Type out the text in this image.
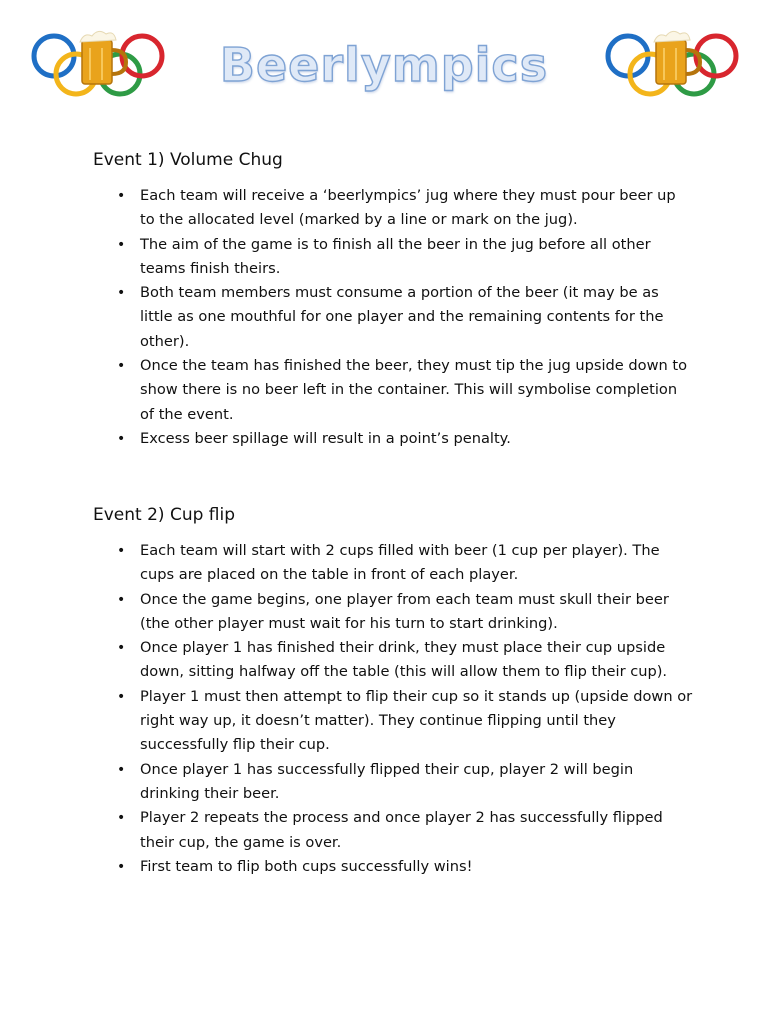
Beerlympics
Event 1) Volume Chug
• Each team will receive a ‘beerlympics’ jug where they must pour beer up to the allocated level (marked by a line or mark on the jug).
• The aim of the game is to finish all the beer in the jug before all other teams finish theirs.
• Both team members must consume a portion of the beer (it may be as little as one mouthful for one player and the remaining contents for the other).
• Once the team has finished the beer, they must tip the jug upside down to show there is no beer left in the container. This will symbolise completion of the event.
• Excess beer spillage will result in a point’s penalty.
Event 2) Cup flip
• Each team will start with 2 cups filled with beer (1 cup per player). The cups are placed on the table in front of each player.
• Once the game begins, one player from each team must skull their beer (the other player must wait for his turn to start drinking).
• Once player 1 has finished their drink, they must place their cup upside down, sitting halfway off the table (this will allow them to flip their cup).
• Player 1 must then attempt to flip their cup so it stands up (upside down or right way up, it doesn’t matter). They continue flipping until they successfully flip their cup.
• Once player 1 has successfully flipped their cup, player 2 will begin drinking their beer.
• Player 2 repeats the process and once player 2 has successfully flipped their cup, the game is over.
• First team to flip both cups successfully wins!
